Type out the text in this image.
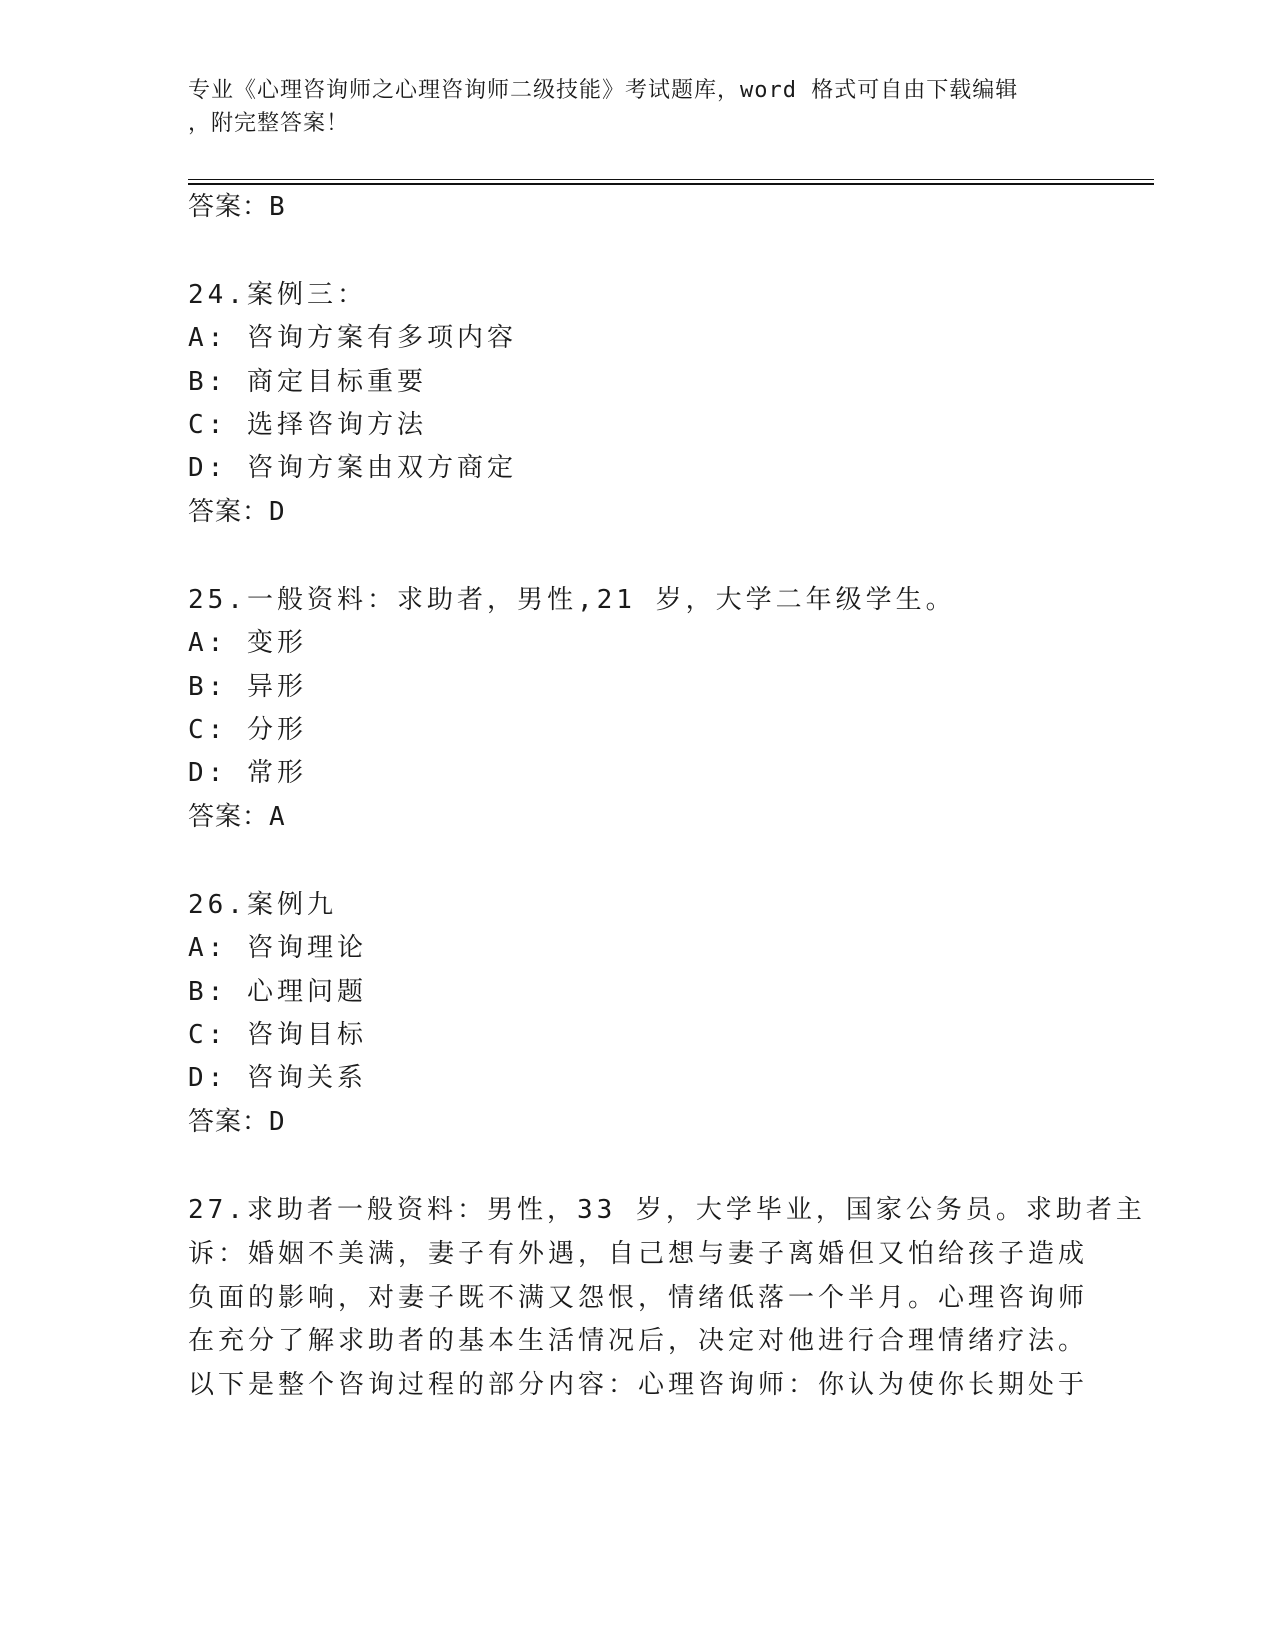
专业《心理咨询师之心理咨询师二级技能》考试题库，word 格式可自由下载编辑
，附完整答案！
答案：B
24.案例三：
A: 咨询方案有多项内容
B: 商定目标重要
C: 选择咨询方法
D: 咨询方案由双方商定
答案：D
25.一般资料：求助者，男性,21 岁，大学二年级学生。
A: 变形
B: 异形
C: 分形
D: 常形
答案：A
26.案例九
A: 咨询理论
B: 心理问题
C: 咨询目标
D: 咨询关系
答案：D
27.求助者一般资料：男性，33 岁，大学毕业，国家公务员。求助者主
诉：婚姻不美满，妻子有外遇，自己想与妻子离婚但又怕给孩子造成
负面的影响，对妻子既不满又怨恨，情绪低落一个半月。心理咨询师
在充分了解求助者的基本生活情况后，决定对他进行合理情绪疗法。
以下是整个咨询过程的部分内容：心理咨询师：你认为使你长期处于
